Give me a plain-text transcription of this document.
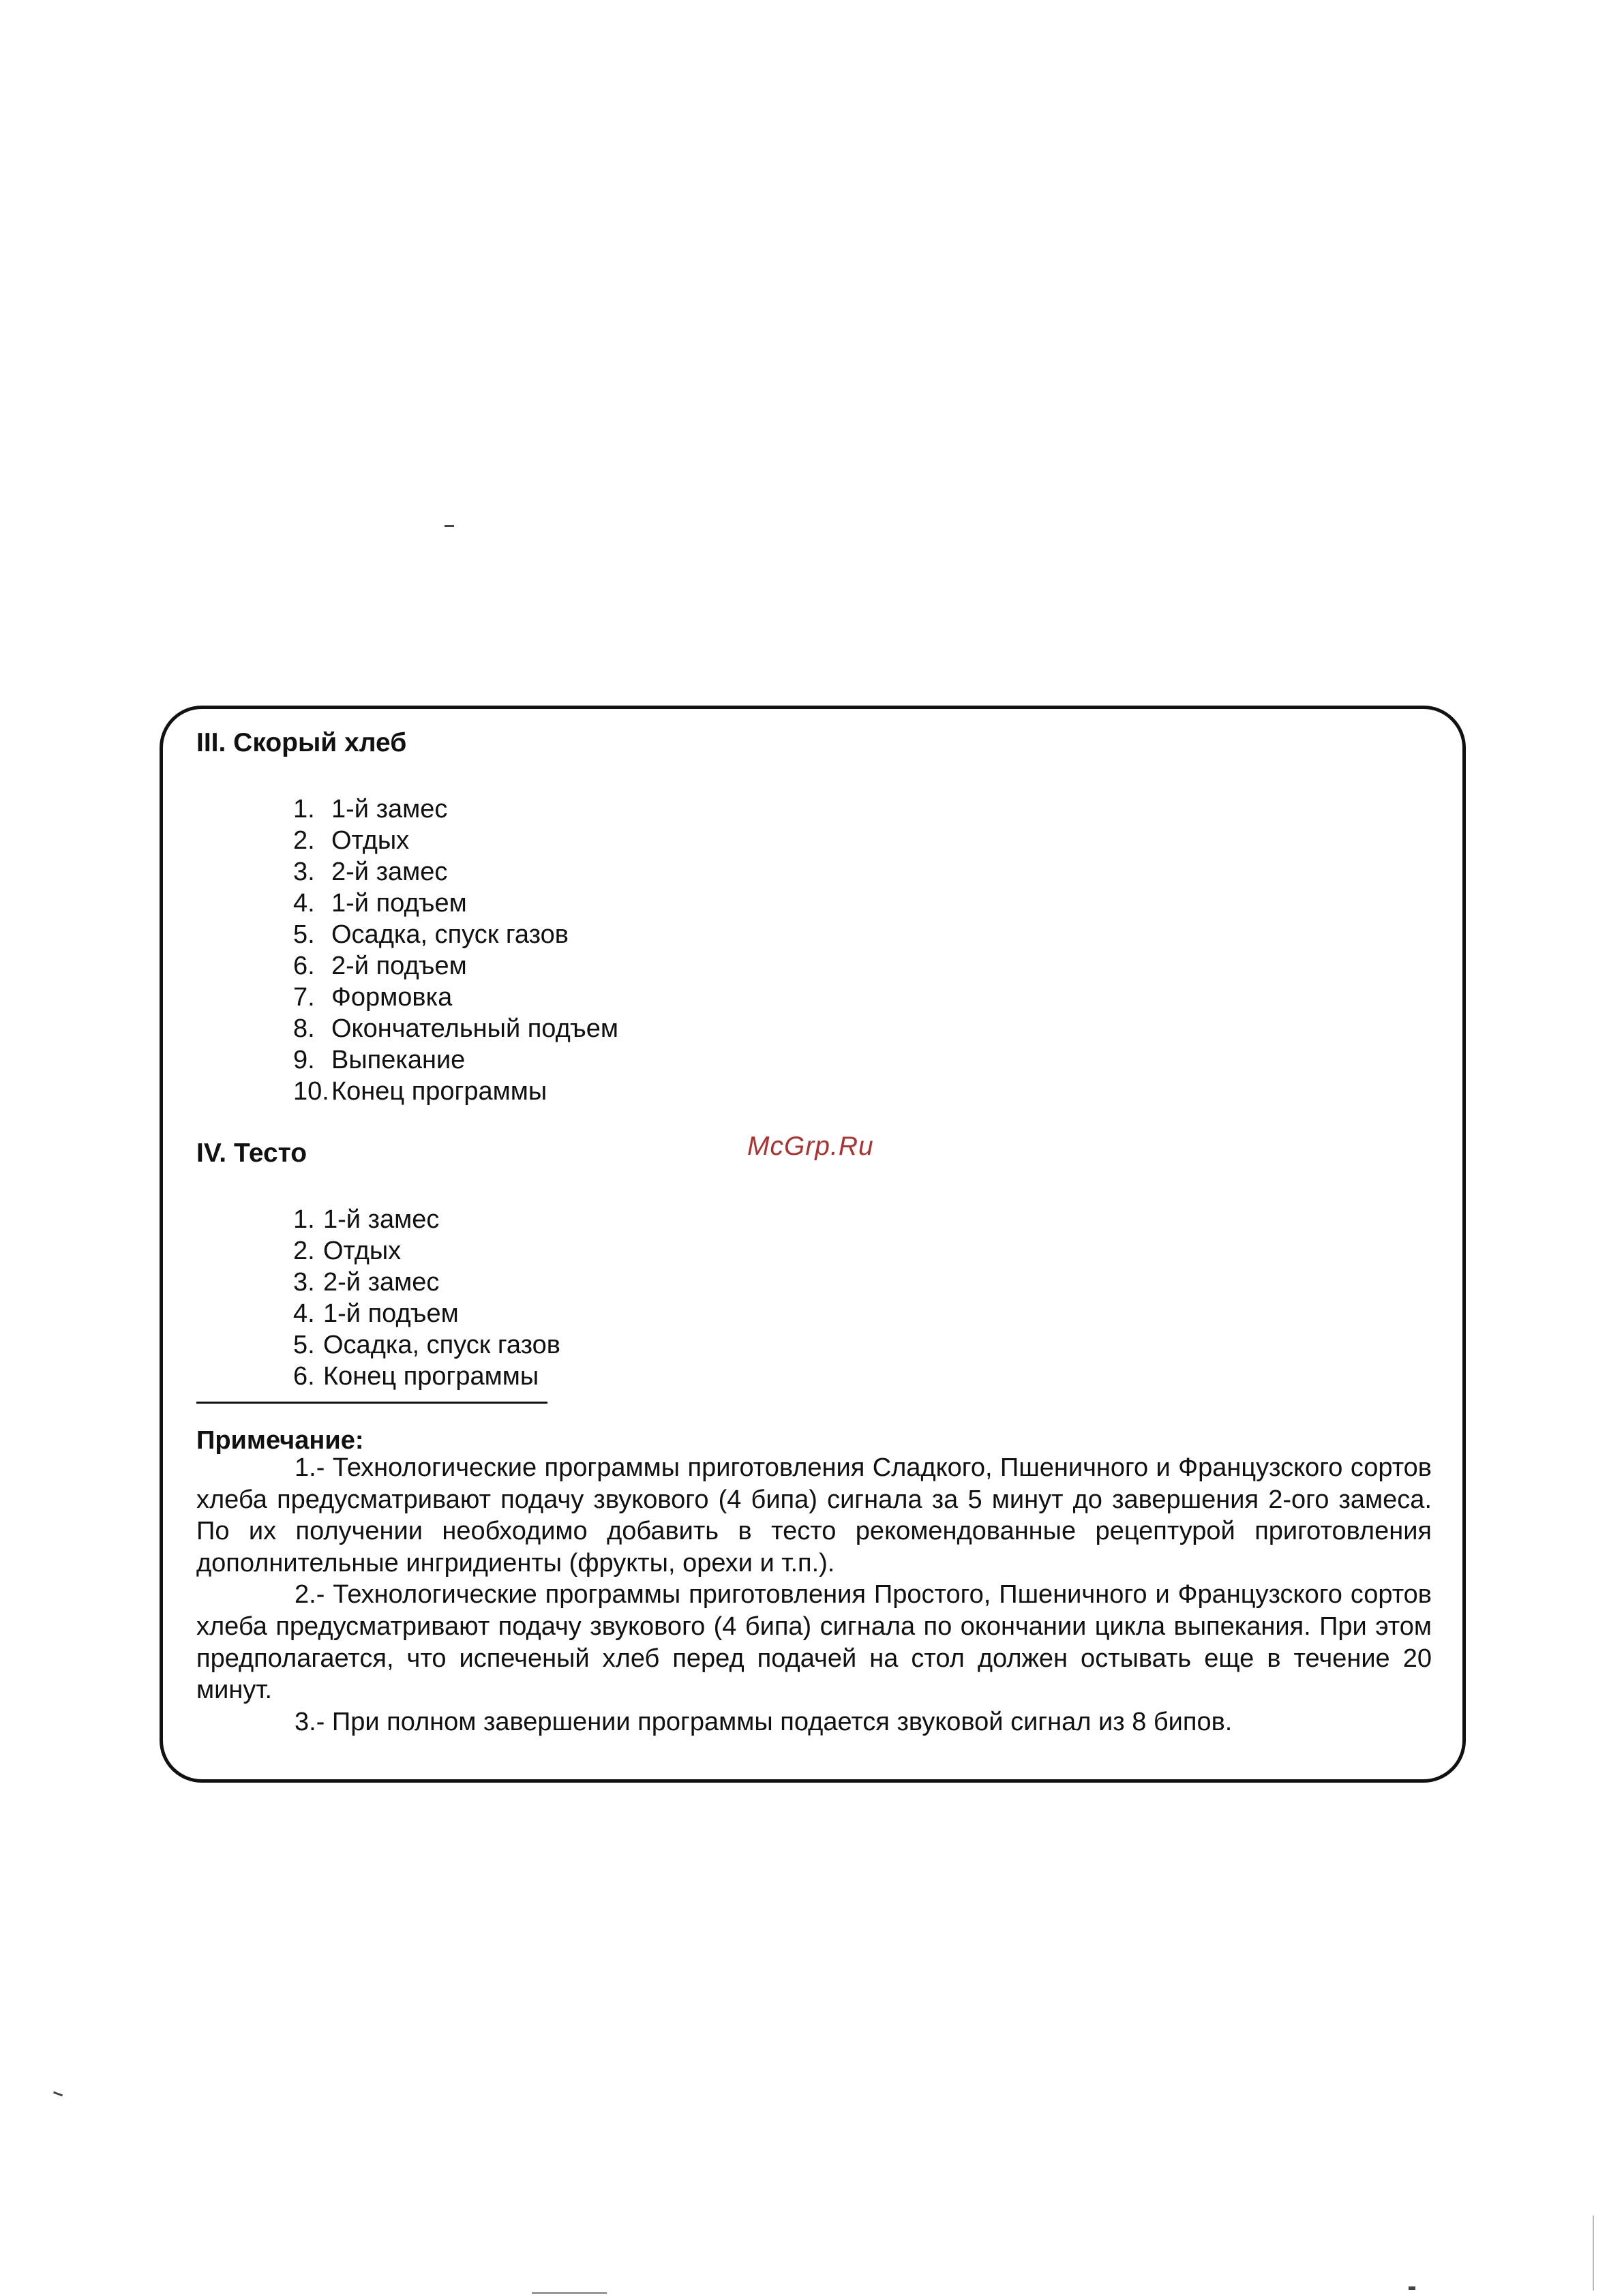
III. Скорый хлеб
1. 1-й замес
2. Отдых
3. 2-й замес
4. 1-й подъем
5. Осадка, спуск газов
6. 2-й подъем
7. Формовка
8. Окончательный подъем
9. Выпекание
10.Конец программы
McGrp.Ru
IV. Тесто
1. 1-й замес
2. Отдых
3. 2-й замес
4. 1-й подъем
5. Осадка, спуск газов
6. Конец программы
Примечание:

1.- Технологические программы приготовления Сладкого, Пшеничного и Французского сортов хлеба предусматривают подачу звукового (4 бипа) сигнала за 5 минут до завершения 2-ого замеса. По их получении необходимо добавить в тесто рекомендованные рецептурой приготовления дополнительные ингридиенты (фрукты, орехи и т.п.).

2.- Технологические программы приготовления Простого, Пшеничного и Французского сортов хлеба предусматривают подачу звукового (4 бипа) сигнала по окончании цикла выпекания. При этом предполагается, что испеченый хлеб перед подачей на стол должен остывать еще в течение 20 минут.

3.- При полном завершении программы подается звуковой сигнал из 8 бипов.
